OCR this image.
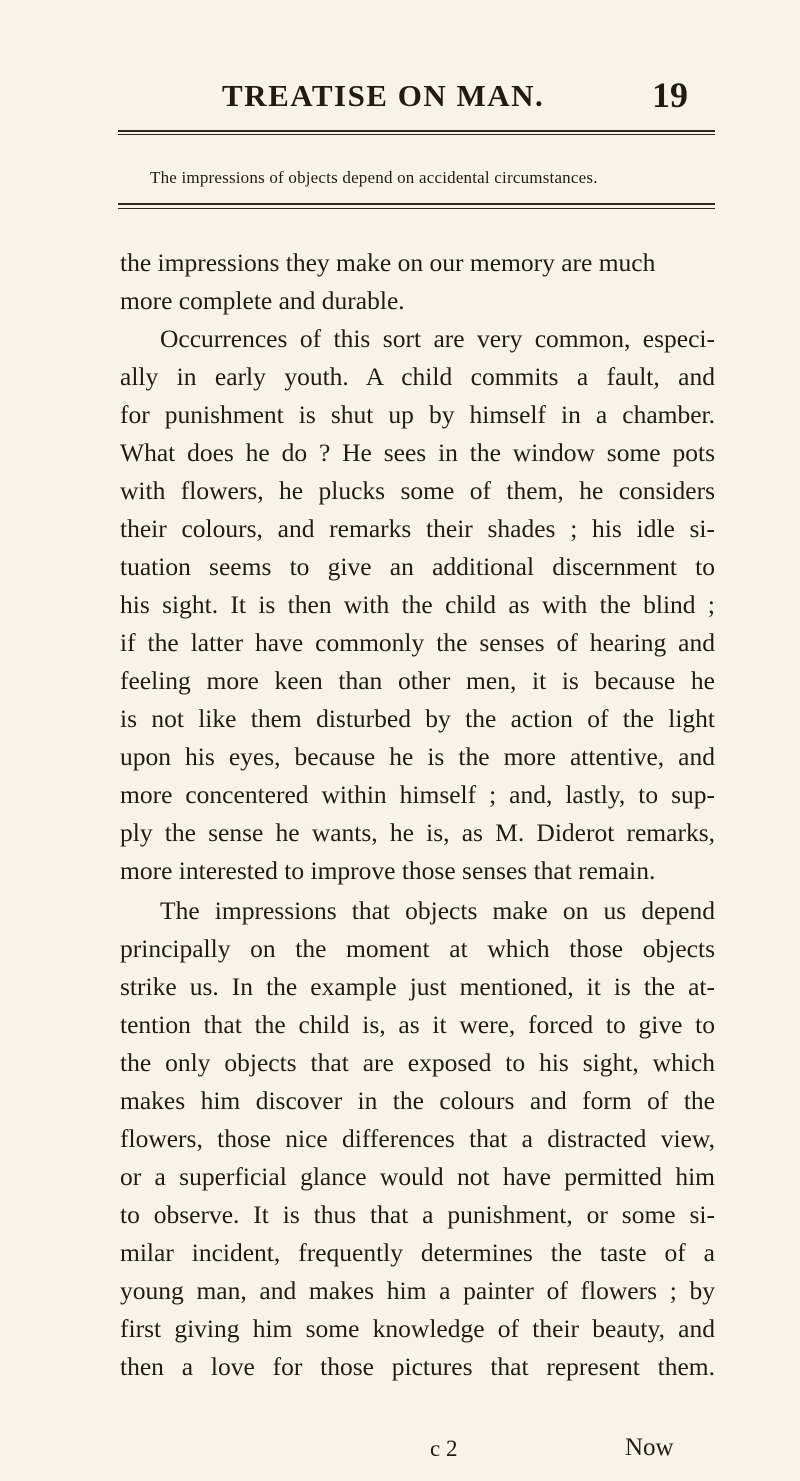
TREATISE ON MAN.	19
The impressions of objects depend on accidental circumstances.
the impressions they make on our memory are much
more complete and durable.
Occurrences of this sort are very common, especi-
ally in early youth. A child commits a fault, and
for punishment is shut up by himself in a chamber.
What does he do ? He sees in the window some pots
with flowers, he plucks some of them, he considers
their colours, and remarks their shades ; his idle si-
tuation seems to give an additional discernment to
his sight. It is then with the child as with the blind ;
if the latter have commonly the senses of hearing and
feeling more keen than other men, it is because he
is not like them disturbed by the action of the light
upon his eyes, because he is the more attentive, and
more concentered within himself ; and, lastly, to sup-
ply the sense he wants, he is, as M. Diderot remarks,
more interested to improve those senses that remain.
The impressions that objects make on us depend
principally on the moment at which those objects
strike us. In the example just mentioned, it is the at-
tention that the child is, as it were, forced to give to
the only objects that are exposed to his sight, which
makes him discover in the colours and form of the
flowers, those nice differences that a distracted view,
or a superficial glance would not have permitted him
to observe. It is thus that a punishment, or some si-
milar incident, frequently determines the taste of a
young man, and makes him a painter of flowers ; by
first giving him some knowledge of their beauty, and
then a love for those pictures that represent them.
c 2	Now
